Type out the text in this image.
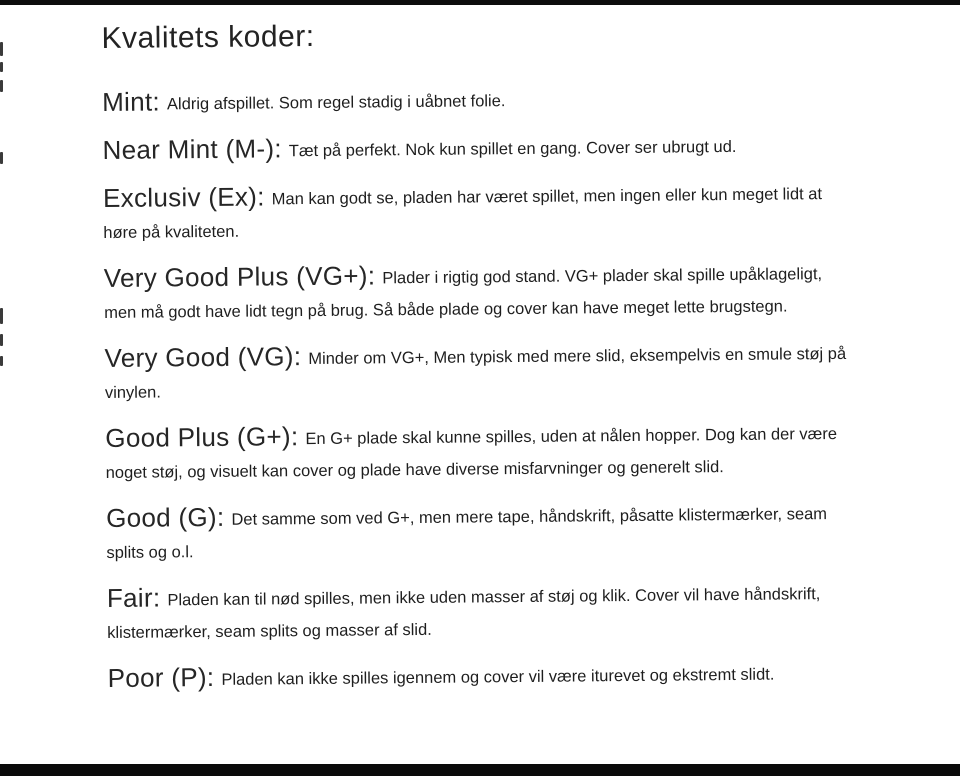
Kvalitets koder:

Mint: Aldrig afspillet. Som regel stadig i uåbnet folie.

Near Mint (M-): Tæt på perfekt. Nok kun spillet en gang. Cover ser ubrugt ud.

Exclusiv (Ex): Man kan godt se, pladen har været spillet, men ingen eller kun meget lidt at høre på kvaliteten.

Very Good Plus (VG+): Plader i rigtig god stand. VG+ plader skal spille upåklageligt, men må godt have lidt tegn på brug. Så både plade og cover kan have meget lette brugstegn.

Very Good (VG): Minder om VG+, Men typisk med mere slid, eksempelvis en smule støj på vinylen.

Good Plus (G+): En G+ plade skal kunne spilles, uden at nålen hopper. Dog kan der være noget støj, og visuelt kan cover og plade have diverse misfarvninger og generelt slid.

Good (G): Det samme som ved G+, men mere tape, håndskrift, påsatte klistermærker, seam splits og o.l.

Fair: Pladen kan til nød spilles, men ikke uden masser af støj og klik. Cover vil have håndskrift, klistermærker, seam splits og masser af slid.

Poor (P): Pladen kan ikke spilles igennem og cover vil være iturevet og ekstremt slidt.
